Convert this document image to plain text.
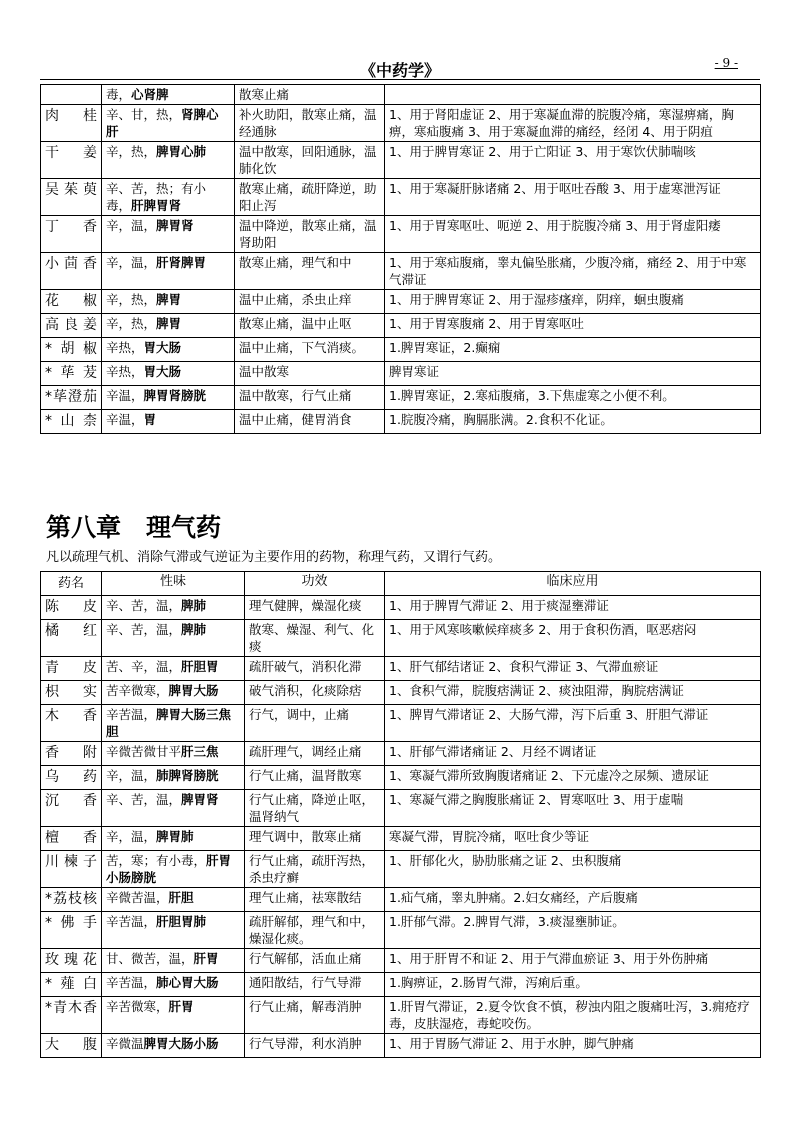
《中药学》	- 9 -
	毒，心肾脾	散寒止痛	
肉桂	辛、甘，热，肾脾心肝	补火助阳，散寒止痛，温经通脉	1、用于肾阳虚证 2、用于寒凝血滞的脘腹冷痛，寒湿痹痛，胸痹，寒疝腹痛 3、用于寒凝血滞的痛经，经闭 4、用于阴疽
干姜	辛，热，脾胃心肺	温中散寒，回阳通脉，温肺化饮	1、用于脾胃寒证 2、用于亡阳证 3、用于寒饮伏肺喘咳
吴茱萸	辛、苦，热；有小毒，肝脾胃肾	散寒止痛，疏肝降逆，助阳止泻	1、用于寒凝肝脉诸痛 2、用于呕吐吞酸 3、用于虚寒泄泻证
丁香	辛，温，脾胃肾	温中降逆，散寒止痛，温肾助阳	1、用于胃寒呕吐、呃逆 2、用于脘腹冷痛 3、用于肾虚阳痿
小茴香	辛，温，肝肾脾胃	散寒止痛，理气和中	1、用于寒疝腹痛，睾丸偏坠胀痛，少腹冷痛，痛经 2、用于中寒气滞证
花椒	辛，热，脾胃	温中止痛，杀虫止痒	1、用于脾胃寒证 2、用于湿疹瘙痒，阴痒，蛔虫腹痛
高良姜	辛，热，脾胃	散寒止痛，温中止呕	1、用于胃寒腹痛 2、用于胃寒呕吐
*胡椒	辛热，胃大肠	温中止痛，下气消痰。	1.脾胃寒证，2.癫痫
*荜茇	辛热，胃大肠	温中散寒	脾胃寒证
*荜澄茄	辛温，脾胃肾膀胱	温中散寒，行气止痛	1.脾胃寒证，2.寒疝腹痛，3.下焦虚寒之小便不利。
*山柰	辛温，胃	温中止痛，健胃消食	1.脘腹冷痛，胸膈胀满。2.食积不化证。
第八章　理气药
凡以疏理气机、消除气滞或气逆证为主要作用的药物，称理气药，又谓行气药。
药名	性味	功效	临床应用
陈皮	辛、苦，温，脾肺	理气健脾，燥湿化痰	1、用于脾胃气滞证 2、用于痰湿壅滞证
橘红	辛、苦，温，脾肺	散寒、燥湿、利气、化痰	1、用于风寒咳嗽候痒痰多 2、用于食积伤酒，呕恶痞闷
青皮	苦、辛，温，肝胆胃	疏肝破气，消积化滞	1、肝气郁结诸证 2、食积气滞证 3、气滞血瘀证
枳实	苦辛微寒，脾胃大肠	破气消积，化痰除痞	1、食积气滞，脘腹痞满证 2、痰浊阻滞，胸脘痞满证
木香	辛苦温，脾胃大肠三焦胆	行气，调中，止痛	1、脾胃气滞诸证 2、大肠气滞，泻下后重 3、肝胆气滞证
香附	辛微苦微甘平肝三焦	疏肝理气，调经止痛	1、肝郁气滞诸痛证 2、月经不调诸证
乌药	辛，温，肺脾肾膀胱	行气止痛，温肾散寒	1、寒凝气滞所致胸腹诸痛证 2、下元虚冷之尿频、遗尿证
沉香	辛、苦，温，脾胃肾	行气止痛，降逆止呕，温肾纳气	1、寒凝气滞之胸腹胀痛证 2、胃寒呕吐 3、用于虚喘
檀香	辛，温，脾胃肺	理气调中，散寒止痛	寒凝气滞，胃脘冷痛，呕吐食少等证
川楝子	苦，寒；有小毒，肝胃小肠膀胱	行气止痛，疏肝泻热，杀虫疗癣	1、肝郁化火，胁肋胀痛之证 2、虫积腹痛
*荔枝核	辛微苦温，肝胆	理气止痛，祛寒散结	1.疝气痛，睾丸肿痛。2.妇女痛经，产后腹痛
*佛手	辛苦温，肝胆胃肺	疏肝解郁，理气和中，燥湿化痰。	1.肝郁气滞。2.脾胃气滞，3.痰湿壅肺证。
玫瑰花	甘、微苦，温，肝胃	行气解郁，活血止痛	1、用于肝胃不和证 2、用于气滞血瘀证 3、用于外伤肿痛
*薤白	辛苦温，肺心胃大肠	通阳散结，行气导滞	1.胸痹证，2.肠胃气滞，泻痢后重。
*青木香	辛苦微寒，肝胃	行气止痛，解毒消肿	1.肝胃气滞证，2.夏令饮食不慎，秽浊内阻之腹痛吐泻，3.痈疮疗毒，皮肤湿疮，毒蛇咬伤。
大腹	辛微温脾胃大肠小肠	行气导滞，利水消肿	1、用于胃肠气滞证 2、用于水肿，脚气肿痛
